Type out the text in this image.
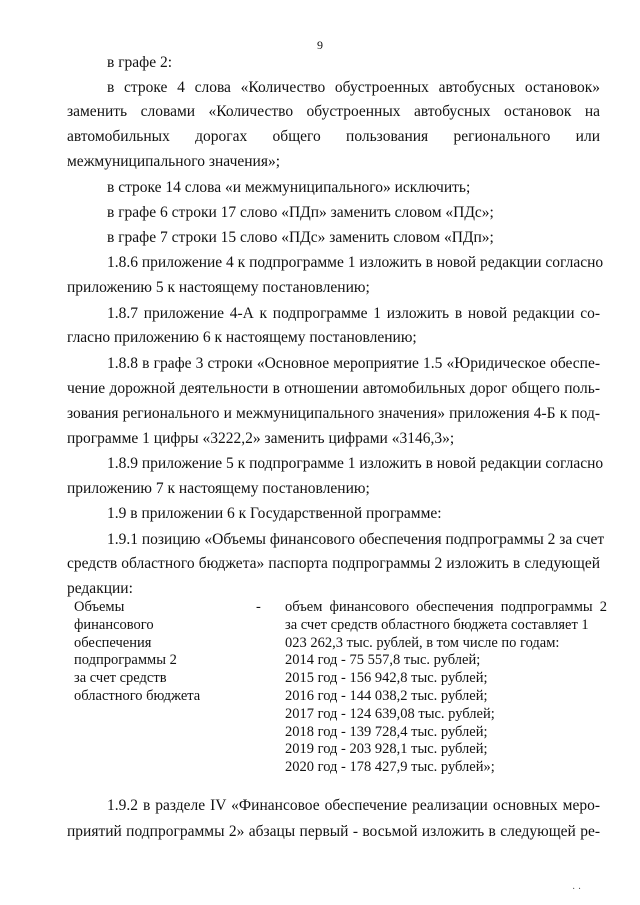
9
в графе 2:
в строке 4 слова «Количество обустроенных автобусных остановок»
заменить словами «Количество обустроенных автобусных остановок на
автомобильных дорогах общего пользования регионального или
межмуниципального значения»;
в строке 14 слова «и межмуниципального» исключить;
в графе 6 строки 17 слово «ПДп» заменить словом «ПДс»;
в графе 7 строки 15 слово «ПДс» заменить словом «ПДп»;
1.8.6 приложение 4 к подпрограмме 1 изложить в новой редакции согласно
приложению 5 к настоящему постановлению;
1.8.7 приложение 4-А к подпрограмме 1 изложить в новой редакции со-
гласно приложению 6 к настоящему постановлению;
1.8.8 в графе 3 строки «Основное мероприятие 1.5 «Юридическое обеспе-
чение дорожной деятельности в отношении автомобильных дорог общего поль-
зования регионального и межмуниципального значения» приложения 4-Б к под-
программе 1 цифры «3222,2» заменить цифрами «3146,3»;
1.8.9 приложение 5 к подпрограмме 1 изложить в новой редакции согласно
приложению 7 к настоящему постановлению;
1.9 в приложении 6 к Государственной программе:
1.9.1 позицию «Объемы финансового обеспечения подпрограммы 2 за счет
средств областного бюджета» паспорта подпрограммы 2 изложить в следующей
редакции:
Объемы
финансового
обеспечения
подпрограммы 2
за счет средств
областного бюджета
- объем финансового обеспечения подпрограммы 2
за счет средств областного бюджета составляет 1
023 262,3 тыс. рублей, в том числе по годам:
2014 год - 75 557,8 тыс. рублей;
2015 год - 156 942,8 тыс. рублей;
2016 год - 144 038,2 тыс. рублей;
2017 год - 124 639,08 тыс. рублей;
2018 год - 139 728,4 тыс. рублей;
2019 год - 203 928,1 тыс. рублей;
2020 год - 178 427,9 тыс. рублей»;
1.9.2 в разделе IV «Финансовое обеспечение реализации основных меро-
приятий подпрограммы 2» абзацы первый - восьмой изложить в следующей ре-
· ·
